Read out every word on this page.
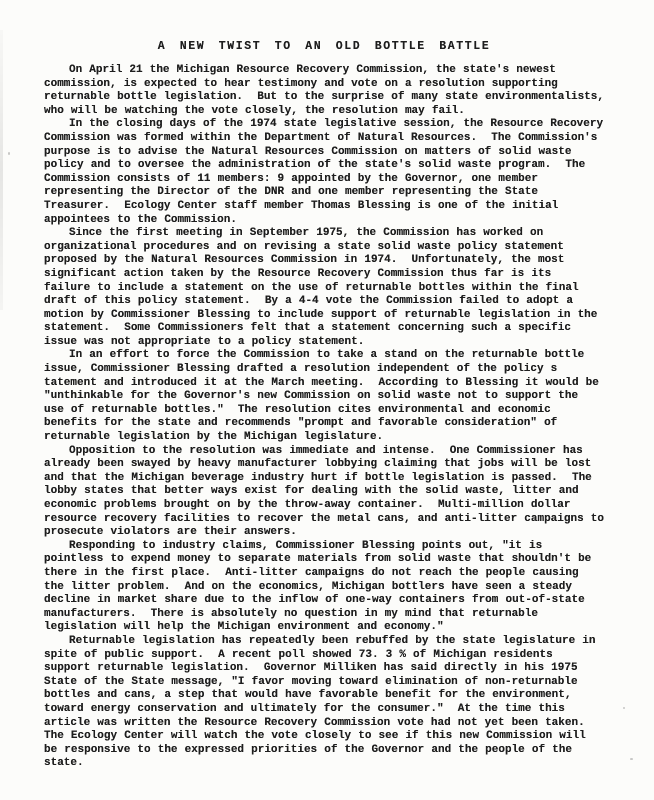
A NEW TWIST TO AN OLD BOTTLE BATTLE

On April 21 the Michigan Resource Recovery Commission, the state's newest commission, is expected to hear testimony and vote on a resolution supporting returnable bottle legislation.  But to the surprise of many state environmentalists, who will be watching the vote closely, the resolution may fail.

In the closing days of the 1974 state legislative session, the Resource Recovery Commission was formed within the Department of Natural Resources.  The Commission's purpose is to advise the Natural Resources Commission on matters of solid waste policy and to oversee the administration of the state's solid waste program.  The Commission consists of 11 members: 9 appointed by the Governor, one member representing the Director of the DNR and one member representing the State Treasurer.  Ecology Center staff member Thomas Blessing is one of the initial appointees to the Commission.

Since the first meeting in September 1975, the Commission has worked on organizational procedures and on revising a state solid waste policy statement proposed by the Natural Resources Commission in 1974.  Unfortunately, the most significant action taken by the Resource Recovery Commission thus far is its failure to include a statement on the use of returnable bottles within the final draft of this policy statement.  By a 4-4 vote the Commission failed to adopt a motion by Commissioner Blessing to include support of returnable legislation in the statement.  Some Commissioners felt that a statement concerning such a specific issue was not appropriate to a policy statement.

In an effort to force the Commission to take a stand on the returnable bottle issue, Commissioner Blessing drafted a resolution independent of the policy s tatement and introduced it at the March meeting.  According to Blessing it would be "unthinkable for the Governor's new Commission on solid waste not to support the use of returnable bottles."  The resolution cites environmental and economic benefits for the state and recommends "prompt and favorable consideration" of returnable legislation by the Michigan legislature.

Opposition to the resolution was immediate and intense.  One Commissioner has already been swayed by heavy manufacturer lobbying claiming that jobs will be lost and that the Michigan beverage industry hurt if bottle legislation is passed.  The lobby states that better ways exist for dealing with the solid waste, litter and economic problems brought on by the throw-away container.  Multi-million dollar resource recovery facilities to recover the metal cans, and anti-litter campaigns to prosecute violators are their answers.

Responding to industry claims, Commissioner Blessing points out, "it is pointless to expend money to separate materials from solid waste that shouldn't be there in the first place.  Anti-litter campaigns do not reach the people causing the litter problem.  And on the economics, Michigan bottlers have seen a steady decline in market share due to the inflow of one-way containers from out-of-state manufacturers.  There is absolutely no question in my mind that returnable legislation will help the Michigan environment and economy."

Returnable legislation has repeatedly been rebuffed by the state legislature in spite of public support.  A recent poll showed 73. 3 % of Michigan residents support returnable legislation.  Governor Milliken has said directly in his 1975 State of the State message, "I favor moving toward elimination of non-returnable bottles and cans, a step that would have favorable benefit for the environment, toward energy conservation and ultimately for the consumer."  At the time this article was written the Resource Recovery Commission vote had not yet been taken.  The Ecology Center will watch the vote closely to see if this new Commission will be responsive to the expressed priorities of the Governor and the people of the state.
